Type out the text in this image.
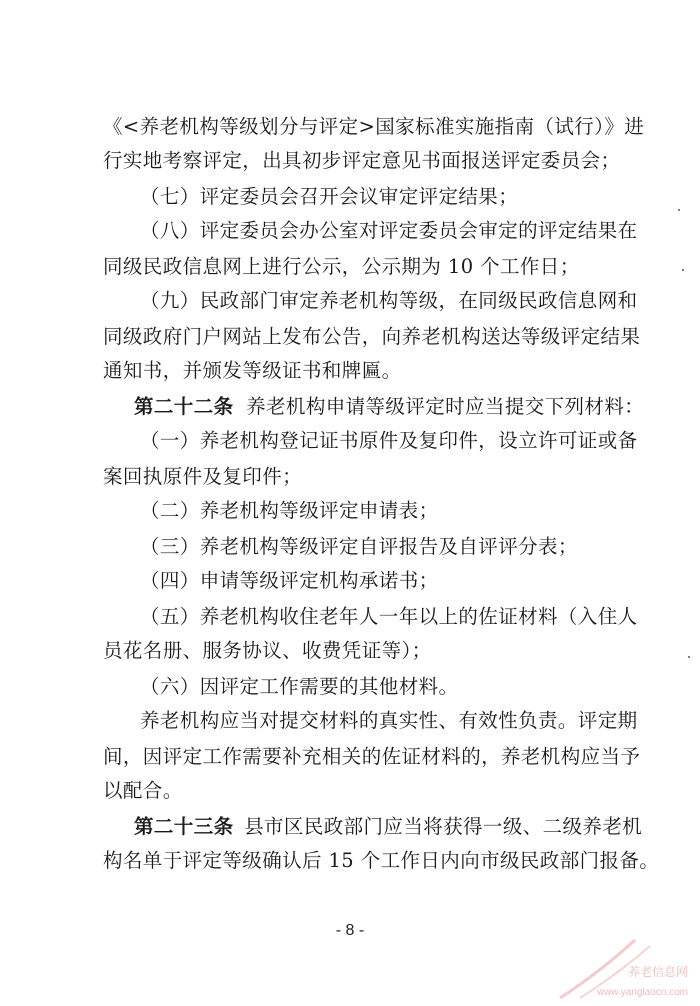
《<养老机构等级划分与评定>国家标准实施指南（试行）》进
行实地考察评定，出具初步评定意见书面报送评定委员会；
（七）评定委员会召开会议审定评定结果；
（八）评定委员会办公室对评定委员会审定的评定结果在
同级民政信息网上进行公示，公示期为 10 个工作日；
（九）民政部门审定养老机构等级，在同级民政信息网和
同级政府门户网站上发布公告，向养老机构送达等级评定结果
通知书，并颁发等级证书和牌匾。
第二十二条 养老机构申请等级评定时应当提交下列材料：
（一）养老机构登记证书原件及复印件，设立许可证或备
案回执原件及复印件；
（二）养老机构等级评定申请表；
（三）养老机构等级评定自评报告及自评评分表；
（四）申请等级评定机构承诺书；
（五）养老机构收住老年人一年以上的佐证材料（入住人
员花名册、服务协议、收费凭证等）；
（六）因评定工作需要的其他材料。
养老机构应当对提交材料的真实性、有效性负责。评定期
间，因评定工作需要补充相关的佐证材料的，养老机构应当予
以配合。
第二十三条 县市区民政部门应当将获得一级、二级养老机
构名单于评定等级确认后 15 个工作日内向市级民政部门报备。
- 8 -
养老信息网
www.yanglaocn.com
